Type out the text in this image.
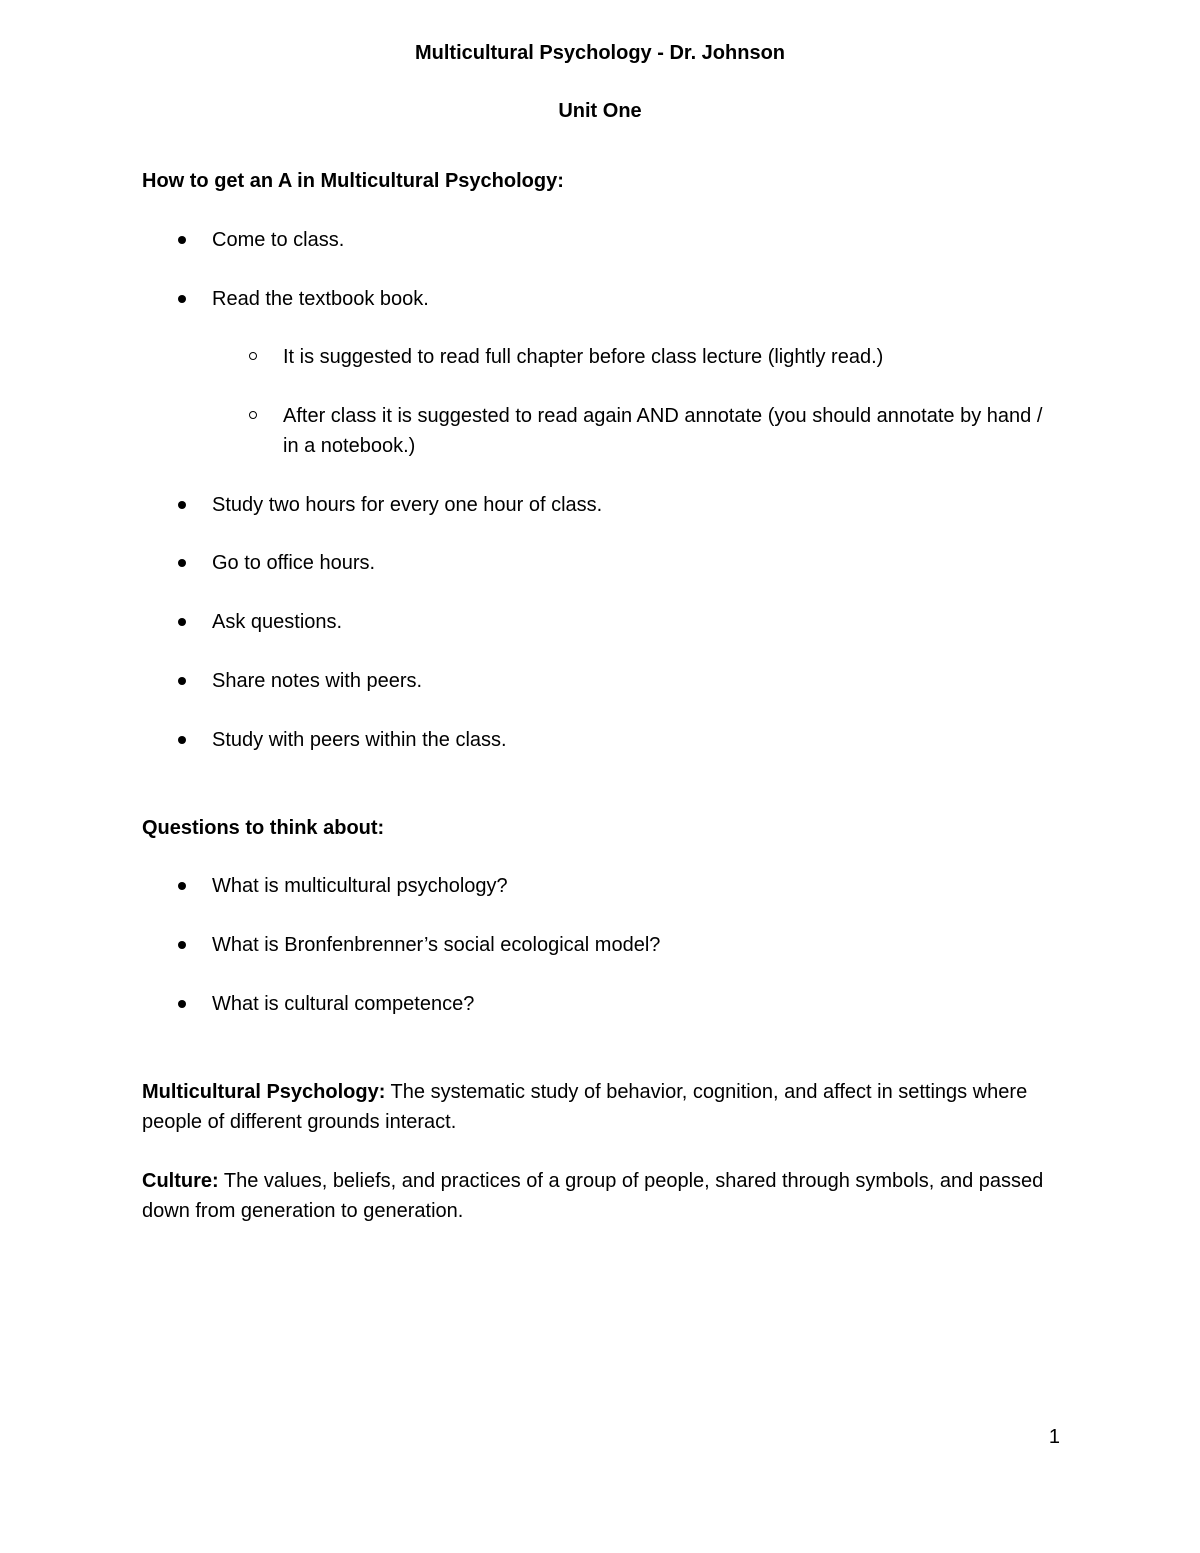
Multicultural Psychology - Dr. Johnson
Unit One
How to get an A in Multicultural Psychology:
Come to class.
Read the textbook book.
It is suggested to read full chapter before class lecture (lightly read.)
After class it is suggested to read again AND annotate (you should annotate by hand / in a notebook.)
Study two hours for every one hour of class.
Go to office hours.
Ask questions.
Share notes with peers.
Study with peers within the class.
Questions to think about:
What is multicultural psychology?
What is Bronfenbrenner’s social ecological model?
What is cultural competence?
Multicultural Psychology: The systematic study of behavior, cognition, and affect in settings where people of different grounds interact.
Culture: The values, beliefs, and practices of a group of people, shared through symbols, and passed down from generation to generation.
1
